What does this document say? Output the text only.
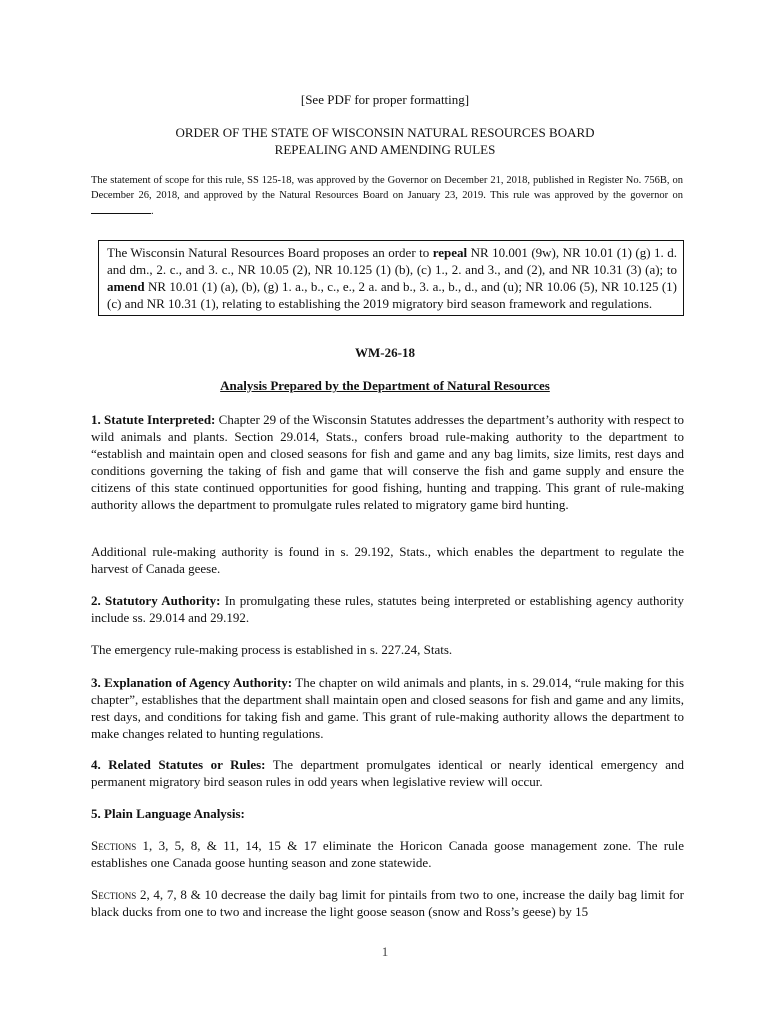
[See PDF for proper formatting]
ORDER OF THE STATE OF WISCONSIN NATURAL RESOURCES BOARD
REPEALING AND AMENDING RULES
The statement of scope for this rule, SS 125-18, was approved by the Governor on December 21, 2018, published in Register No. 756B, on December 26, 2018, and approved by the Natural Resources Board on January 23, 2019. This rule was approved by the governor on .
The Wisconsin Natural Resources Board proposes an order to repeal NR 10.001 (9w), NR 10.01 (1) (g) 1. d. and dm., 2. c., and 3. c., NR 10.05 (2), NR 10.125 (1) (b), (c) 1., 2. and 3., and (2), and NR 10.31 (3) (a); to amend NR 10.01 (1) (a), (b), (g) 1. a., b., c., e., 2 a. and b., 3. a., b., d., and (u); NR 10.06 (5), NR 10.125 (1) (c) and NR 10.31 (1), relating to establishing the 2019 migratory bird season framework and regulations.
WM-26-18
Analysis Prepared by the Department of Natural Resources
1. Statute Interpreted: Chapter 29 of the Wisconsin Statutes addresses the department’s authority with respect to wild animals and plants. Section 29.014, Stats., confers broad rule-making authority to the department to “establish and maintain open and closed seasons for fish and game and any bag limits, size limits, rest days and conditions governing the taking of fish and game that will conserve the fish and game supply and ensure the citizens of this state continued opportunities for good fishing, hunting and trapping. This grant of rule-making authority allows the department to promulgate rules related to migratory game bird hunting.
Additional rule-making authority is found in s. 29.192, Stats., which enables the department to regulate the harvest of Canada geese.
2. Statutory Authority: In promulgating these rules, statutes being interpreted or establishing agency authority include ss. 29.014 and 29.192.
The emergency rule-making process is established in s. 227.24, Stats.
3. Explanation of Agency Authority: The chapter on wild animals and plants, in s. 29.014, “rule making for this chapter”, establishes that the department shall maintain open and closed seasons for fish and game and any limits, rest days, and conditions for taking fish and game. This grant of rule-making authority allows the department to make changes related to hunting regulations.
4. Related Statutes or Rules: The department promulgates identical or nearly identical emergency and permanent migratory bird season rules in odd years when legislative review will occur.
5. Plain Language Analysis:
Sections 1, 3, 5, 8, & 11, 14, 15 & 17 eliminate the Horicon Canada goose management zone. The rule establishes one Canada goose hunting season and zone statewide.
Sections 2, 4, 7, 8 & 10 decrease the daily bag limit for pintails from two to one, increase the daily bag limit for black ducks from one to two and increase the light goose season (snow and Ross’s geese) by 15
1
